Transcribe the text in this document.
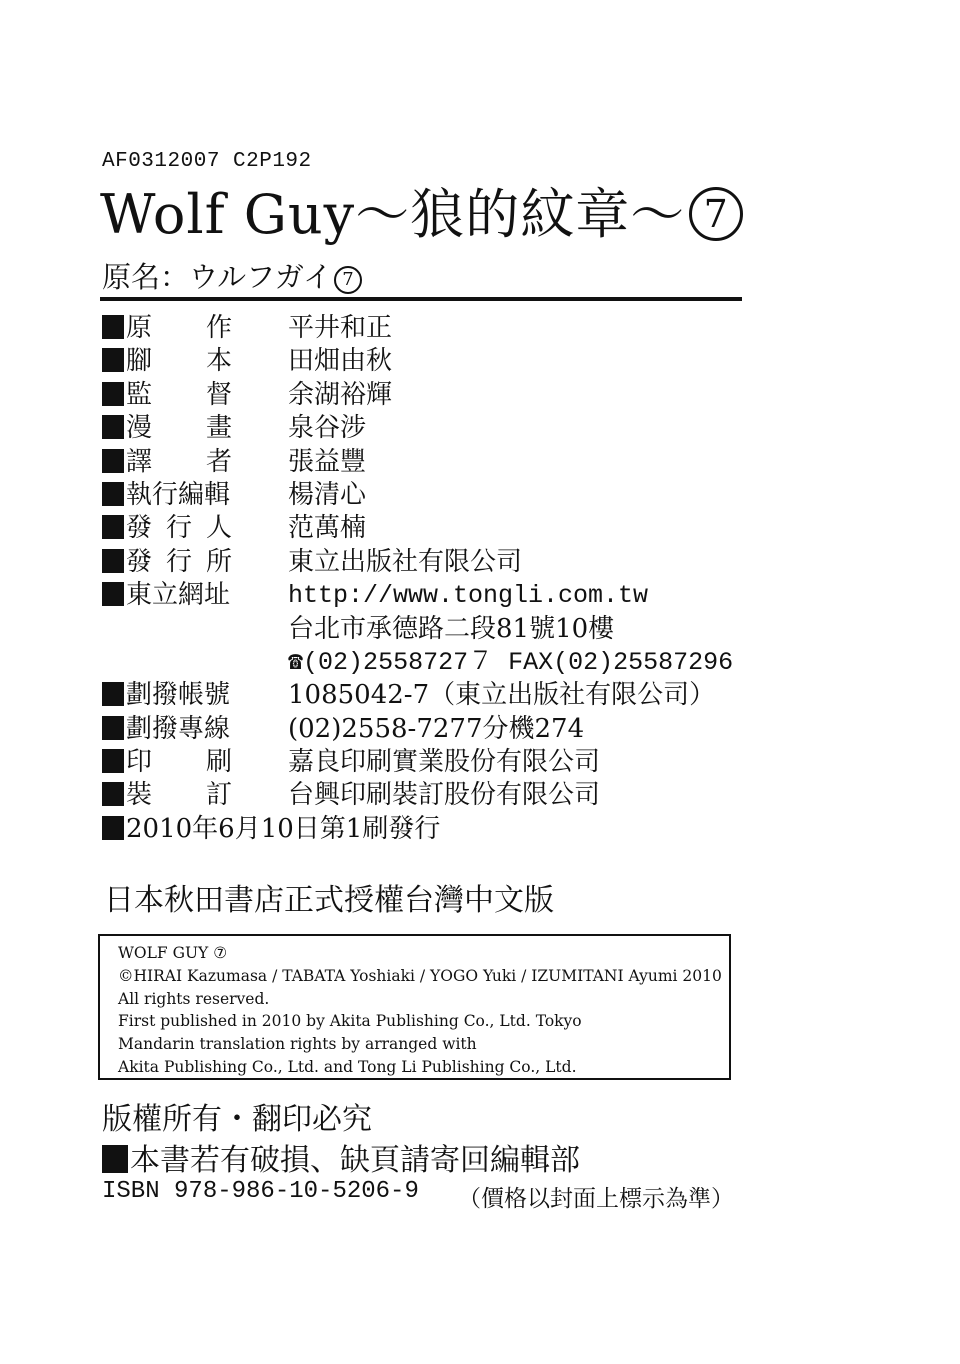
AF0312007 C2P192
Wolf Guy～狼的紋章～ 7
原名：ウルフガイ 7
原 作 平井和正
腳 本 田畑由秋
監 督 余湖裕輝
漫 畫 泉谷涉
譯 者 張益豐
執行編輯 楊清心
發 行 人 范萬楠
發 行 所 東立出版社有限公司
東立網址 http://www.tongli.com.tw
台北市承德路二段81號10樓
☎(02)2558727７ FAX(02)25587296
劃撥帳號 1085042-7（東立出版社有限公司）
劃撥專線 (02)2558-7277分機274
印 刷 嘉良印刷實業股份有限公司
裝 訂 台興印刷裝訂股份有限公司
2010年6月10日第1刷發行
日本秋田書店正式授權台灣中文版
WOLF GUY ⑦
©HIRAI Kazumasa / TABATA Yoshiaki / YOGO Yuki / IZUMITANI Ayumi 2010
All rights reserved.
First published in 2010 by Akita Publishing Co., Ltd. Tokyo
Mandarin translation rights by arranged with
Akita Publishing Co., Ltd. and Tong Li Publishing Co., Ltd.
版權所有・翻印必究
本書若有破損、缺頁請寄回編輯部
ISBN 978-986-10-5206-9 （價格以封面上標示為準）
